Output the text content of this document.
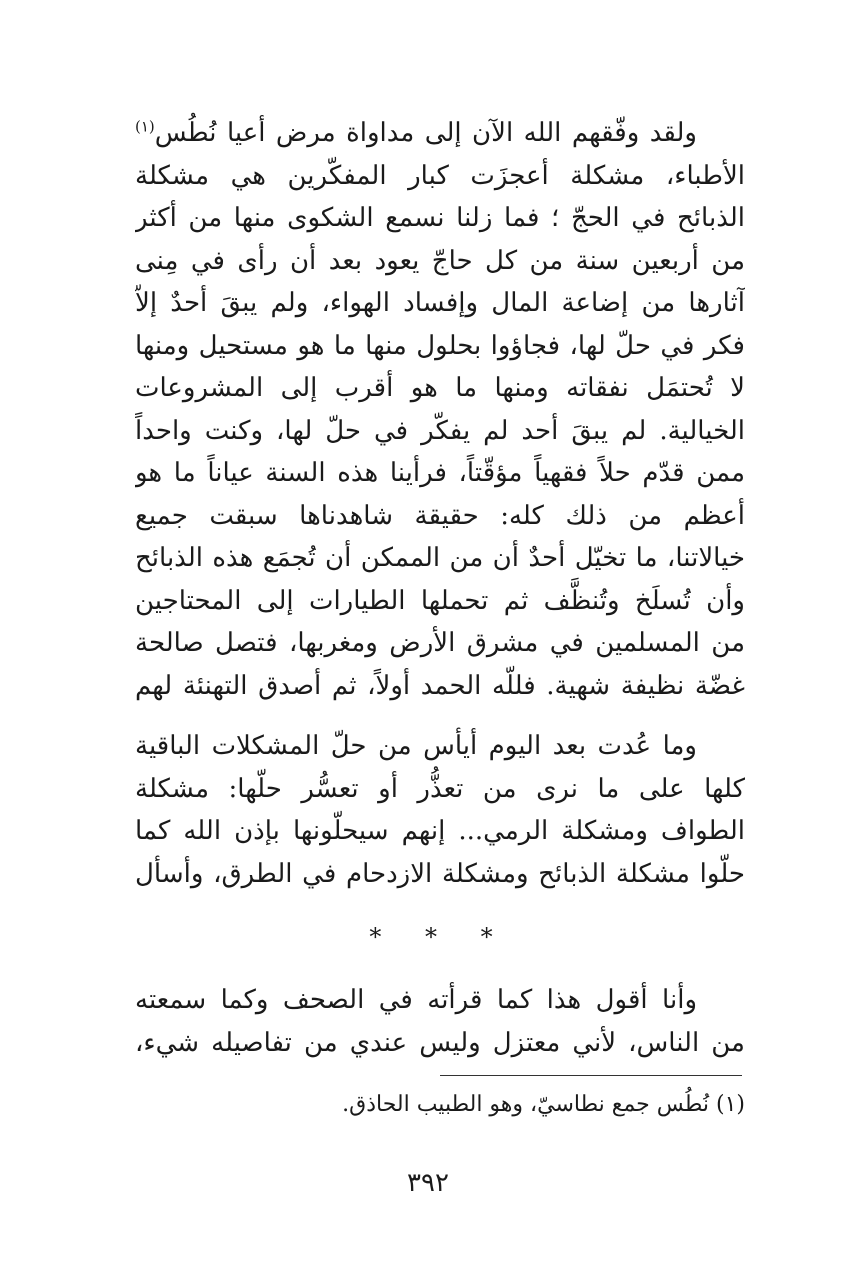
ولقد وفّقهم الله الآن إلى مداواة مرض أعيا نُطُس$^{(١)}$ الأطباء، مشكلة أعجزَت كبار المفكّرين هي مشكلة الذبائح في الحجّ ؛ فما زلنا نسمع الشكوى منها من أكثر من أربعين سنة من كل حاجّ يعود بعد أن رأى في مِنى آثارها من إضاعة المال وإفساد الهواء، ولم يبقَ أحدٌ إلاّ فكر في حلّ لها، فجاؤوا بحلول منها ما هو مستحيل ومنها لا تُحتمَل نفقاته ومنها ما هو أقرب إلى المشروعات الخيالية. لم يبقَ أحد لم يفكّر في حلّ لها، وكنت واحداً ممن قدّم حلاً فقهياً مؤقّتاً، فرأينا هذه السنة عياناً ما هو أعظم من ذلك كله: حقيقة شاهدناها سبقت جميع خيالاتنا، ما تخيّل أحدٌ أن من الممكن أن تُجمَع هذه الذبائح وأن تُسلَخ وتُنظَّف ثم تحملها الطيارات إلى المحتاجين من المسلمين في مشرق الأرض ومغربها، فتصل صالحة غضّة نظيفة شهية. فللّه الحمد أولاً، ثم أصدق التهنئة لهم

وما عُدت بعد اليوم أيأس من حلّ المشكلات الباقية كلها على ما نرى من تعذُّر أو تعسُّر حلّها: مشكلة الطواف ومشكلة الرمي... إنهم سيحلّونها بإذن الله كما حلّوا مشكلة الذبائح ومشكلة الازدحام في الطرق، وأسأل

* * *

وأنا أقول هذا كما قرأته في الصحف وكما سمعته من الناس، لأني معتزل وليس عندي من تفاصيله شيء،

(١) نُطُس جمع نطاسيّ، وهو الطبيب الحاذق.
٣٩٢
